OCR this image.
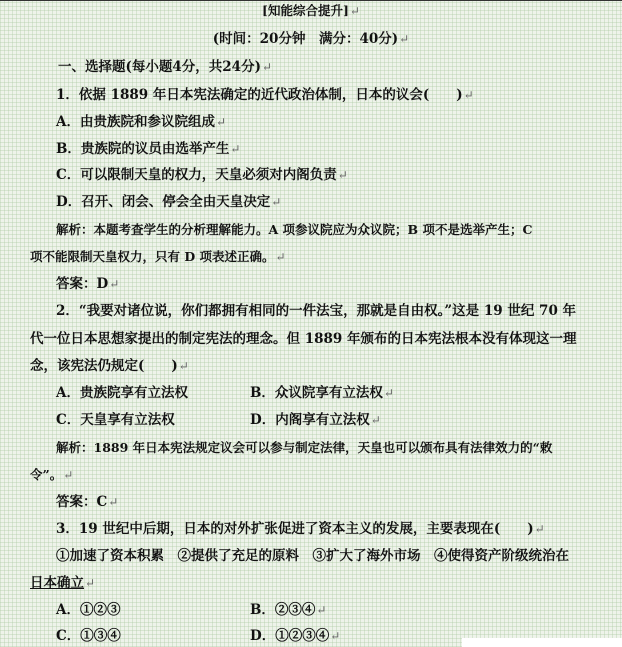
[知能综合提升]↵
(时间：20分钟　满分：40分)↵
一、选择题(每小题4分，共24分)↵
1．依据 1889 年日本宪法确定的近代政治体制，日本的议会(　　)↵
A．由贵族院和参议院组成↵
B．贵族院的议员由选举产生↵
C．可以限制天皇的权力，天皇必须对内阁负责↵
D．召开、闭会、停会全由天皇决定↵
解析：本题考查学生的分析理解能力。A 项参议院应为众议院；B 项不是选举产生；C
项不能限制天皇权力，只有 D 项表述正确。↵
答案：D↵
2．“我要对诸位说，你们都拥有相同的一件法宝，那就是自由权。”这是 19 世纪 70 年
代一位日本思想家提出的制定宪法的理念。但 1889 年颁布的日本宪法根本没有体现这一理
念，该宪法仍规定(　　)↵
A．贵族院享有立法权	B．众议院享有立法权↵
C．天皇享有立法权	D．内阁享有立法权↵
解析：1889 年日本宪法规定议会可以参与制定法律，天皇也可以颁布具有法律效力的“敕
令”。↵
答案：C↵
3．19 世纪中后期，日本的对外扩张促进了资本主义的发展，主要表现在(　　)↵
①加速了资本积累　②提供了充足的原料　③扩大了海外市场　④使得资产阶级统治在
日本确立↵
A．①②③	B．②③④↵
C．①③④	D．①②③④↵
